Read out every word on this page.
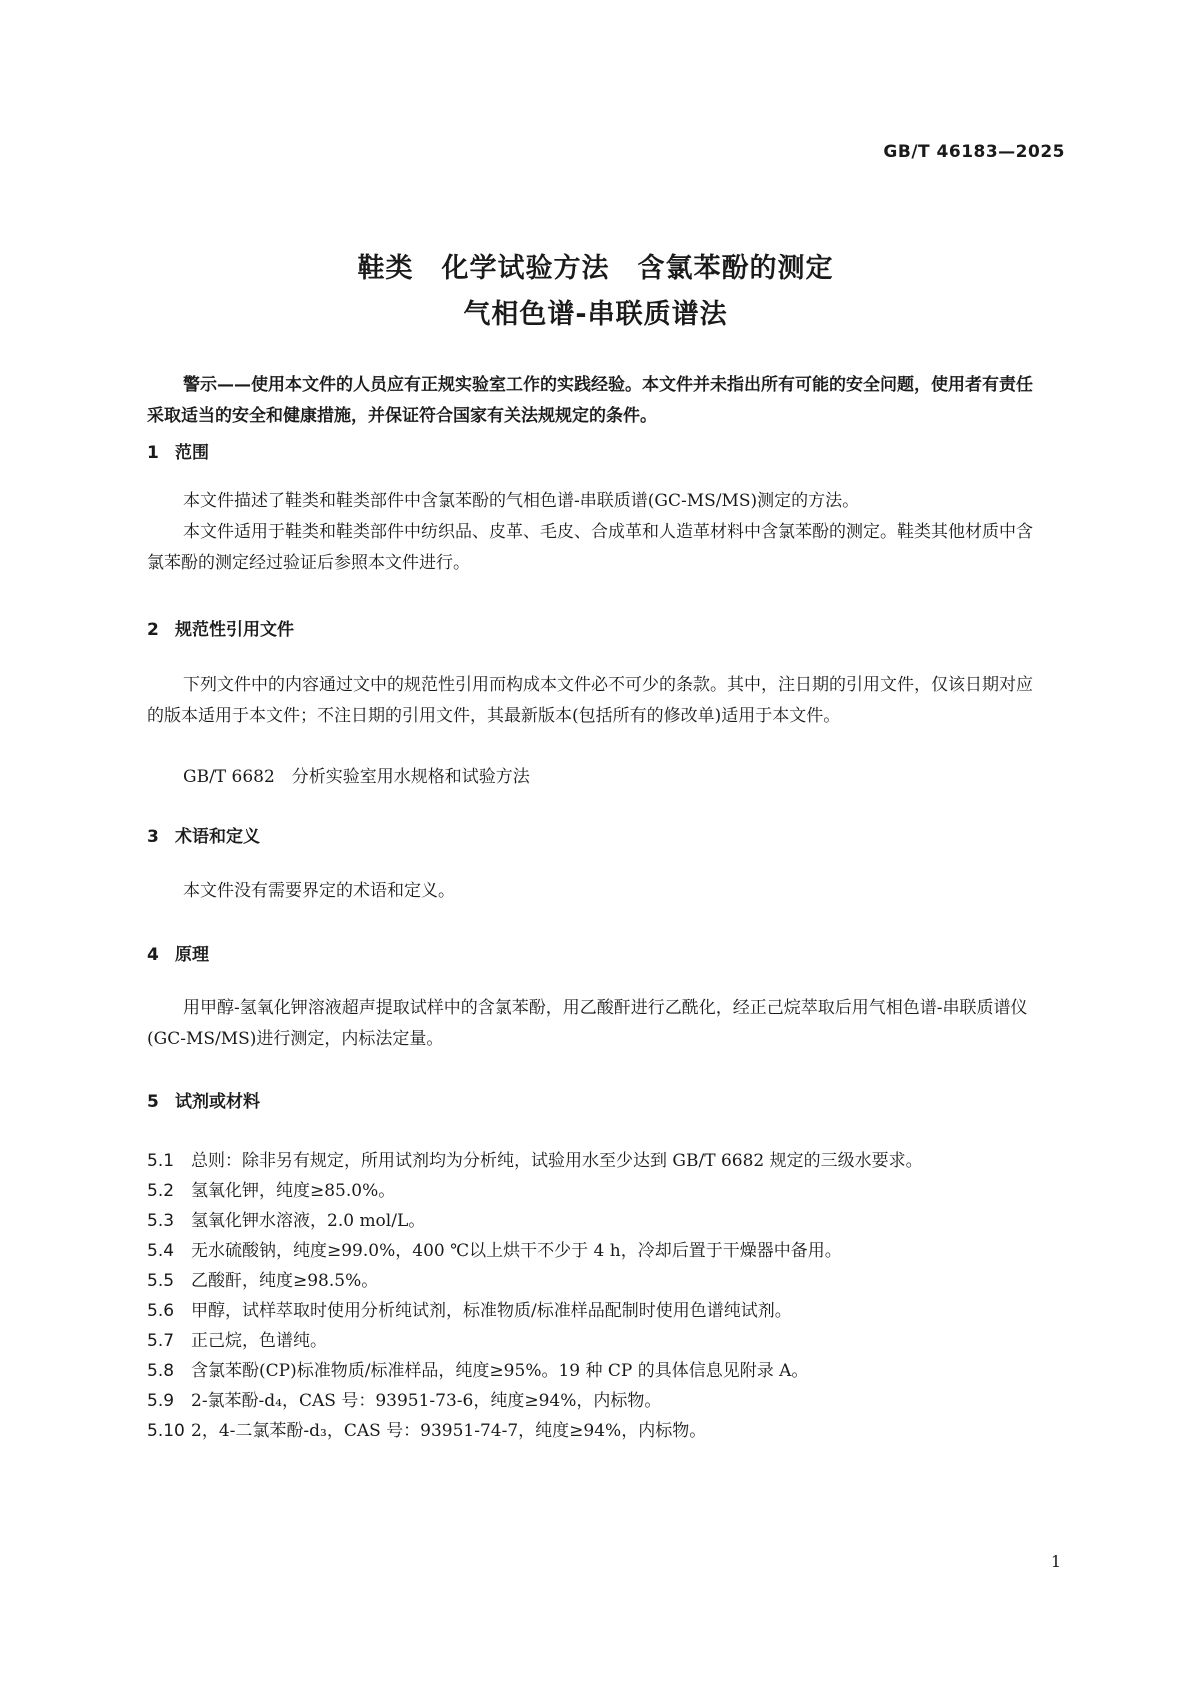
GB/T 46183—2025
鞋类　化学试验方法　含氯苯酚的测定
气相色谱-串联质谱法
警示——使用本文件的人员应有正规实验室工作的实践经验。本文件并未指出所有可能的安全问题，使用者有责任采取适当的安全和健康措施，并保证符合国家有关法规规定的条件。
1 范围
本文件描述了鞋类和鞋类部件中含氯苯酚的气相色谱-串联质谱(GC-MS/MS)测定的方法。
本文件适用于鞋类和鞋类部件中纺织品、皮革、毛皮、合成革和人造革材料中含氯苯酚的测定。鞋类其他材质中含氯苯酚的测定经过验证后参照本文件进行。
2 规范性引用文件
下列文件中的内容通过文中的规范性引用而构成本文件必不可少的条款。其中，注日期的引用文件，仅该日期对应的版本适用于本文件；不注日期的引用文件，其最新版本(包括所有的修改单)适用于本文件。
GB/T 6682　分析实验室用水规格和试验方法
3 术语和定义
本文件没有需要界定的术语和定义。
4 原理
用甲醇-氢氧化钾溶液超声提取试样中的含氯苯酚，用乙酸酐进行乙酰化，经正己烷萃取后用气相色谱-串联质谱仪(GC-MS/MS)进行测定，内标法定量。
5 试剂或材料
5.1 总则：除非另有规定，所用试剂均为分析纯，试验用水至少达到 GB/T 6682 规定的三级水要求。
5.2 氢氧化钾，纯度≥85.0%。
5.3 氢氧化钾水溶液，2.0 mol/L。
5.4 无水硫酸钠，纯度≥99.0%，400 ℃以上烘干不少于 4 h，冷却后置于干燥器中备用。
5.5 乙酸酐，纯度≥98.5%。
5.6 甲醇，试样萃取时使用分析纯试剂，标准物质/标准样品配制时使用色谱纯试剂。
5.7 正己烷，色谱纯。
5.8 含氯苯酚(CP)标准物质/标准样品，纯度≥95%。19 种 CP 的具体信息见附录 A。
5.9 2-氯苯酚-d₄，CAS 号：93951-73-6，纯度≥94%，内标物。
5.10 2，4-二氯苯酚-d₃，CAS 号：93951-74-7，纯度≥94%，内标物。
1
